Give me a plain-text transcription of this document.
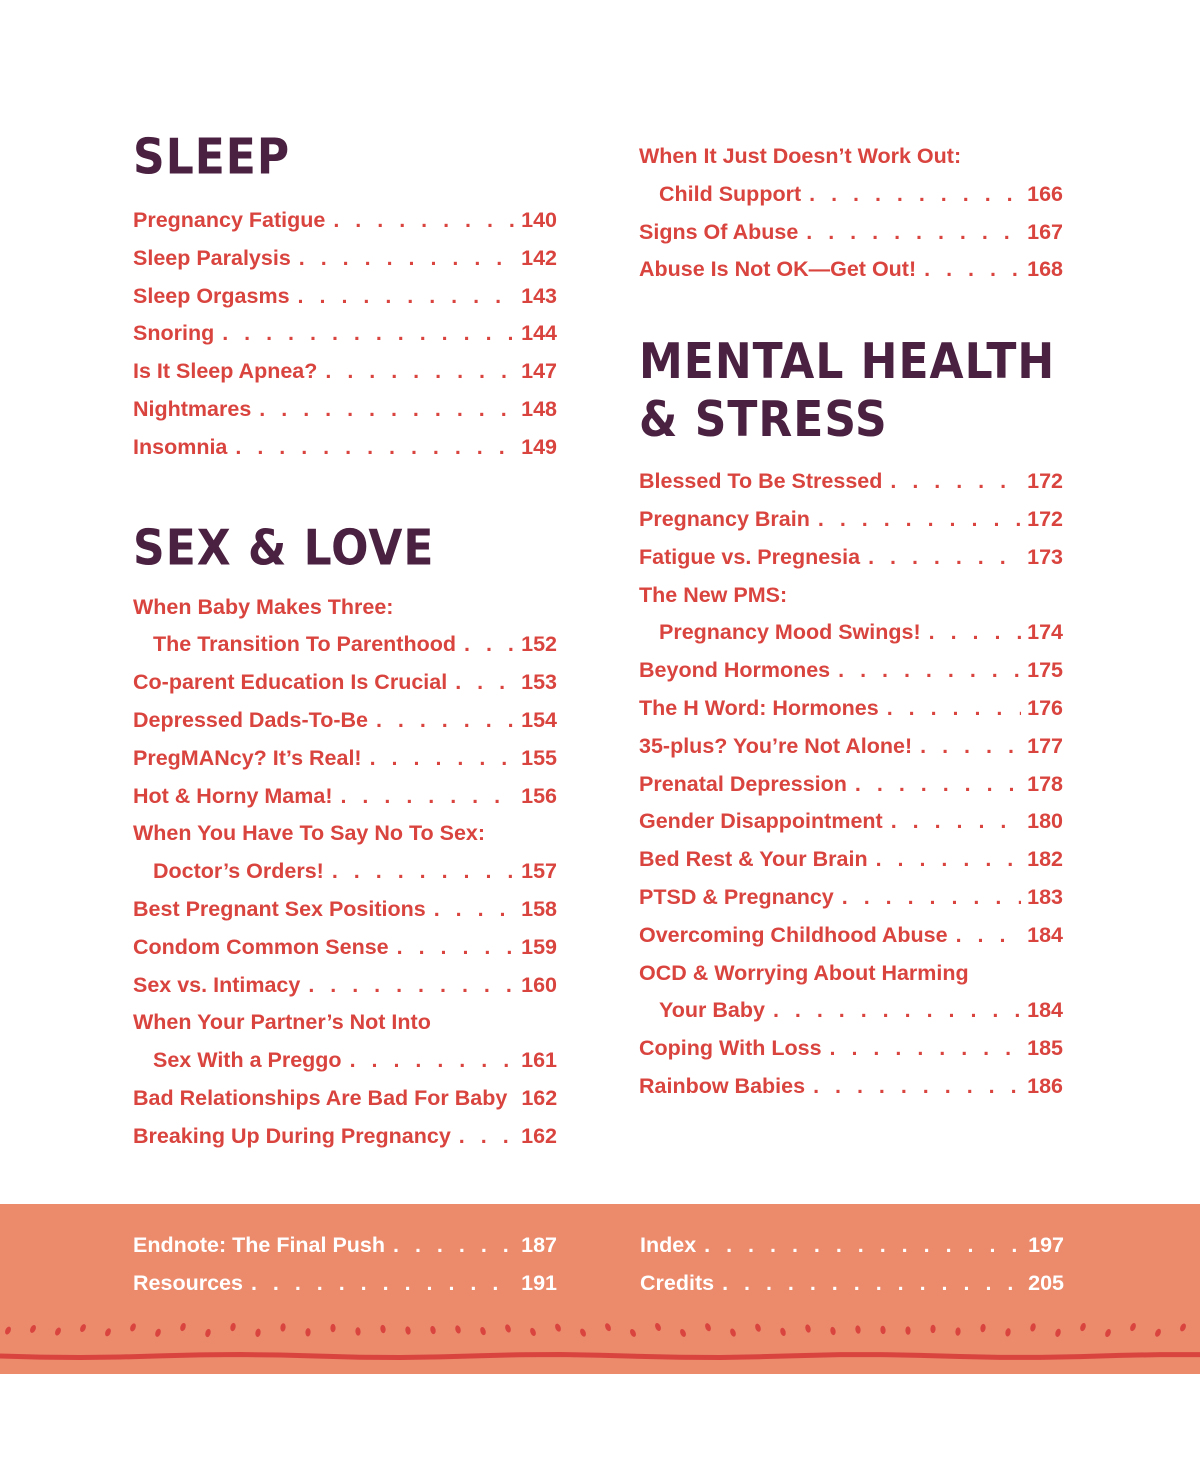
SLEEP
Pregnancy Fatigue . . .	140
Sleep Paralysis . . .	142
Sleep Orgasms . . .	143
Snoring . . .	144
Is It Sleep Apnea? . . .	147
Nightmares . . .	148
Insomnia . . .	149
SEX & LOVE
When Baby Makes Three:
The Transition To Parenthood . . .	152
Co-parent Education Is Crucial . . .	153
Depressed Dads-To-Be . . .	154
PregMANcy? It’s Real! . . .	155
Hot & Horny Mama! . . .	156
When You Have To Say No To Sex:
Doctor’s Orders! . . .	157
Best Pregnant Sex Positions . . .	158
Condom Common Sense . . .	159
Sex vs. Intimacy . . .	160
When Your Partner’s Not Into
Sex With a Preggo . . .	161
Bad Relationships Are Bad For Baby 162
Breaking Up During Pregnancy . . .	162
When It Just Doesn’t Work Out:
Child Support . . .	166
Signs Of Abuse . . .	167
Abuse Is Not OK—Get Out! . . .	168
MENTAL HEALTH
& STRESS
Blessed To Be Stressed . . .	172
Pregnancy Brain . . .	172
Fatigue vs. Pregnesia . . .	173
The New PMS:
Pregnancy Mood Swings! . . .	174
Beyond Hormones . . .	175
The H Word: Hormones . . .	176
35-plus? You’re Not Alone! . . .	177
Prenatal Depression . . .	178
Gender Disappointment . . .	180
Bed Rest & Your Brain . . .	182
PTSD & Pregnancy . . .	183
Overcoming Childhood Abuse . . .	184
OCD & Worrying About Harming
Your Baby . . .	184
Coping With Loss . . .	185
Rainbow Babies . . .	186
Endnote: The Final Push . . .	187
Resources . . .	191
Index . . .	197
Credits . . .	205
